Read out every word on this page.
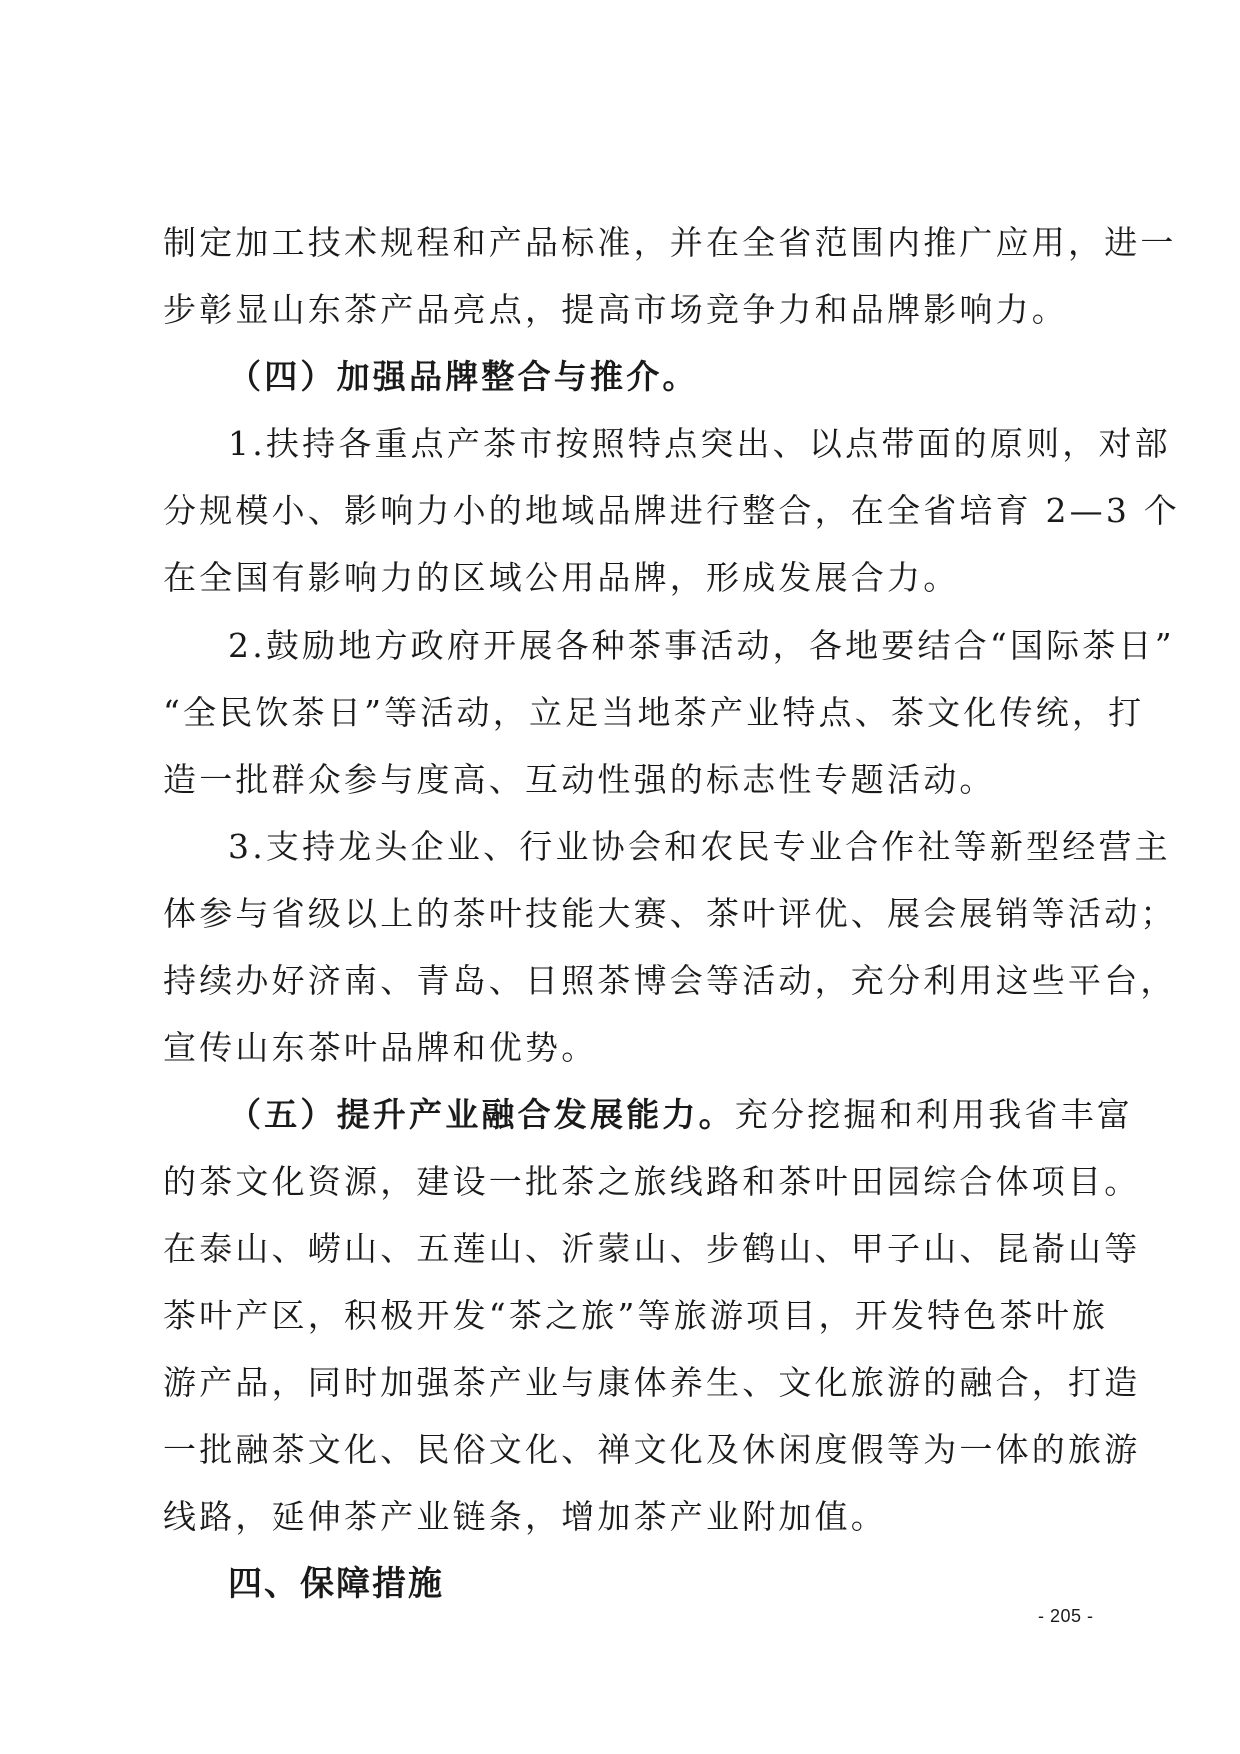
制定加工技术规程和产品标准，并在全省范围内推广应用，进一
步彰显山东茶产品亮点，提高市场竞争力和品牌影响力。
（四）加强品牌整合与推介。
1.扶持各重点产茶市按照特点突出、以点带面的原则，对部
分规模小、影响力小的地域品牌进行整合，在全省培育 2—3 个
在全国有影响力的区域公用品牌，形成发展合力。
2.鼓励地方政府开展各种茶事活动，各地要结合“国际茶日”
“全民饮茶日”等活动，立足当地茶产业特点、茶文化传统，打
造一批群众参与度高、互动性强的标志性专题活动。
3.支持龙头企业、行业协会和农民专业合作社等新型经营主
体参与省级以上的茶叶技能大赛、茶叶评优、展会展销等活动；
持续办好济南、青岛、日照茶博会等活动，充分利用这些平台，
宣传山东茶叶品牌和优势。
（五）提升产业融合发展能力。充分挖掘和利用我省丰富
的茶文化资源，建设一批茶之旅线路和茶叶田园综合体项目。
在泰山、崂山、五莲山、沂蒙山、步鹤山、甲子山、昆嵛山等
茶叶产区，积极开发“茶之旅”等旅游项目，开发特色茶叶旅
游产品，同时加强茶产业与康体养生、文化旅游的融合，打造
一批融茶文化、民俗文化、禅文化及休闲度假等为一体的旅游
线路，延伸茶产业链条，增加茶产业附加值。
四、保障措施
- 205 -
